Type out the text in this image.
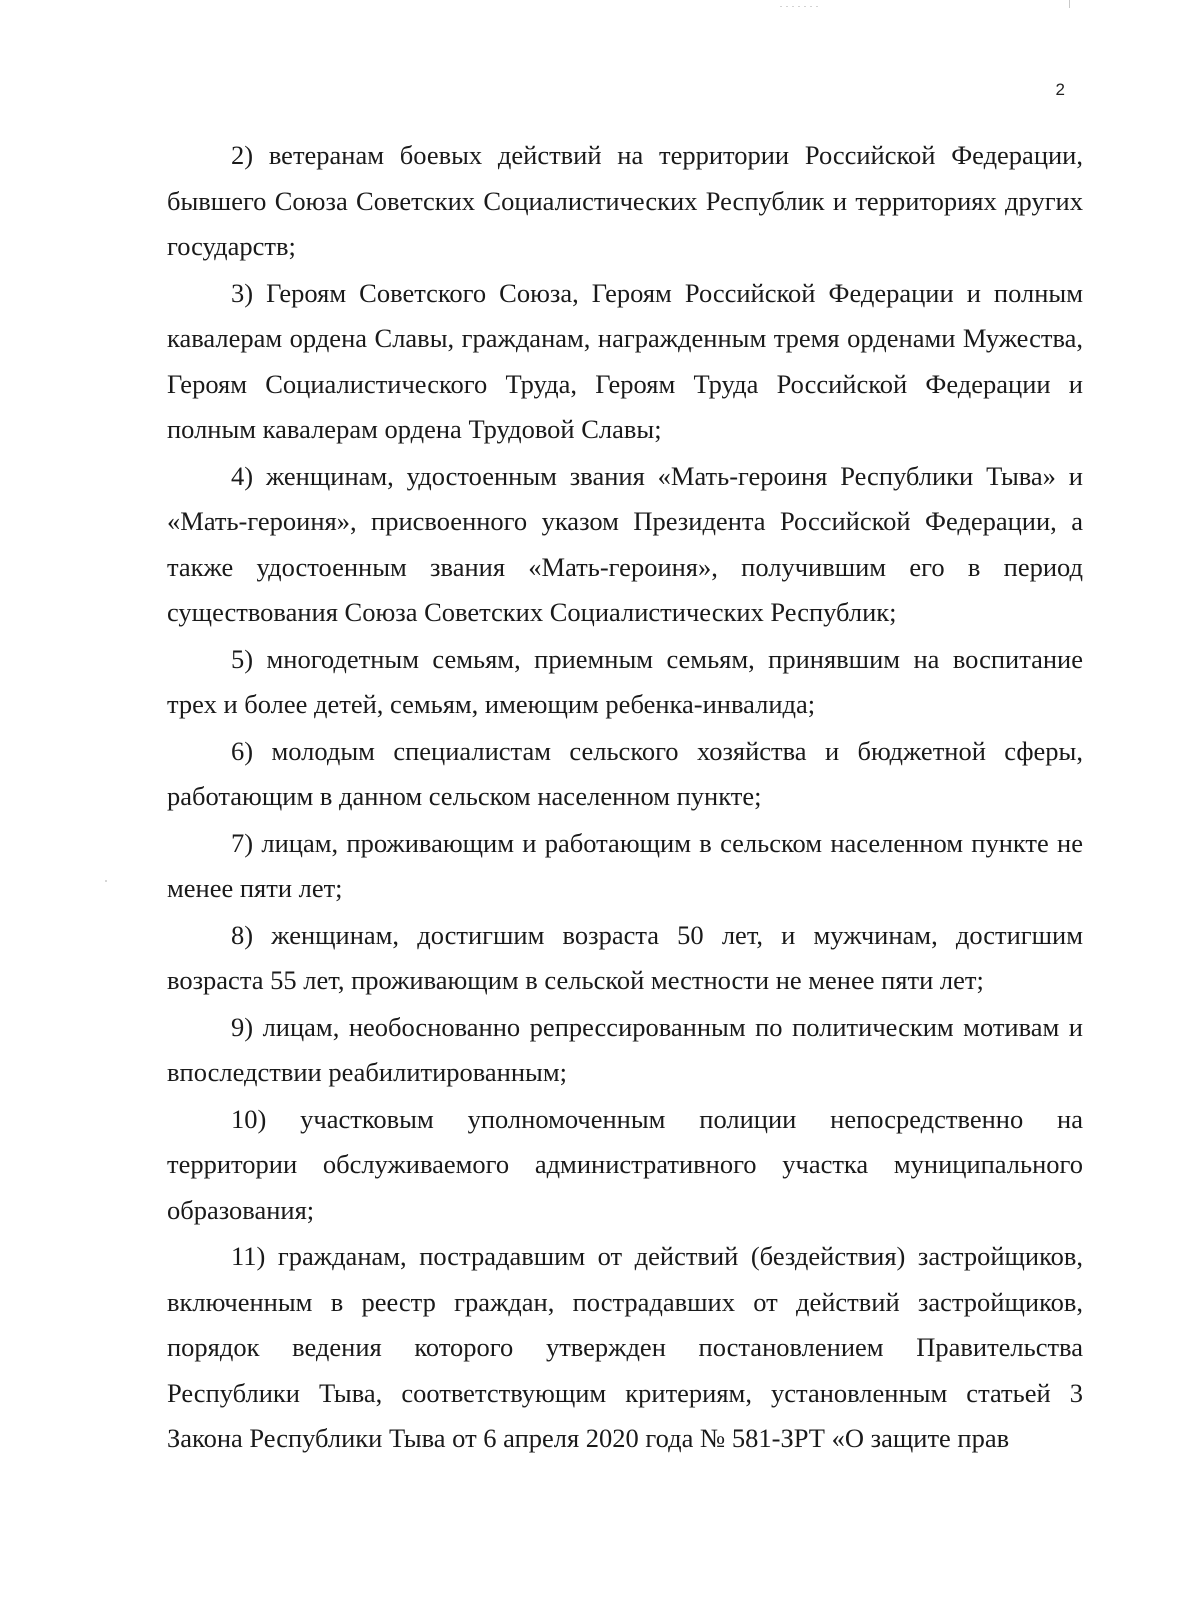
2

2) ветеранам боевых действий на территории Российской Федерации, бывшего Союза Советских Социалистических Республик и территориях других государств;

3) Героям Советского Союза, Героям Российской Федерации и полным кавалерам ордена Славы, гражданам, награжденным тремя орденами Мужества, Героям Социалистического Труда, Героям Труда Российской Федерации и полным кавалерам ордена Трудовой Славы;

4) женщинам, удостоенным звания «Мать-героиня Республики Тыва» и «Мать-героиня», присвоенного указом Президента Российской Федерации, а также удостоенным звания «Мать-героиня», получившим его в период существования Союза Советских Социалистических Республик;

5) многодетным семьям, приемным семьям, принявшим на воспитание трех и более детей, семьям, имеющим ребенка-инвалида;

6) молодым специалистам сельского хозяйства и бюджетной сферы, работающим в данном сельском населенном пункте;

7) лицам, проживающим и работающим в сельском населенном пункте не менее пяти лет;

8) женщинам, достигшим возраста 50 лет, и мужчинам, достигшим возраста 55 лет, проживающим в сельской местности не менее пяти лет;

9) лицам, необоснованно репрессированным по политическим мотивам и впоследствии реабилитированным;

10) участковым уполномоченным полиции непосредственно на территории обслуживаемого административного участка муниципального образования;

11) гражданам, пострадавшим от действий (бездействия) застройщиков, включенным в реестр граждан, пострадавших от действий застройщиков, порядок ведения которого утвержден постановлением Правительства Республики Тыва, соответствующим критериям, установленным статьей 3 Закона Республики Тыва от 6 апреля 2020 года № 581-ЗРТ «О защите прав
